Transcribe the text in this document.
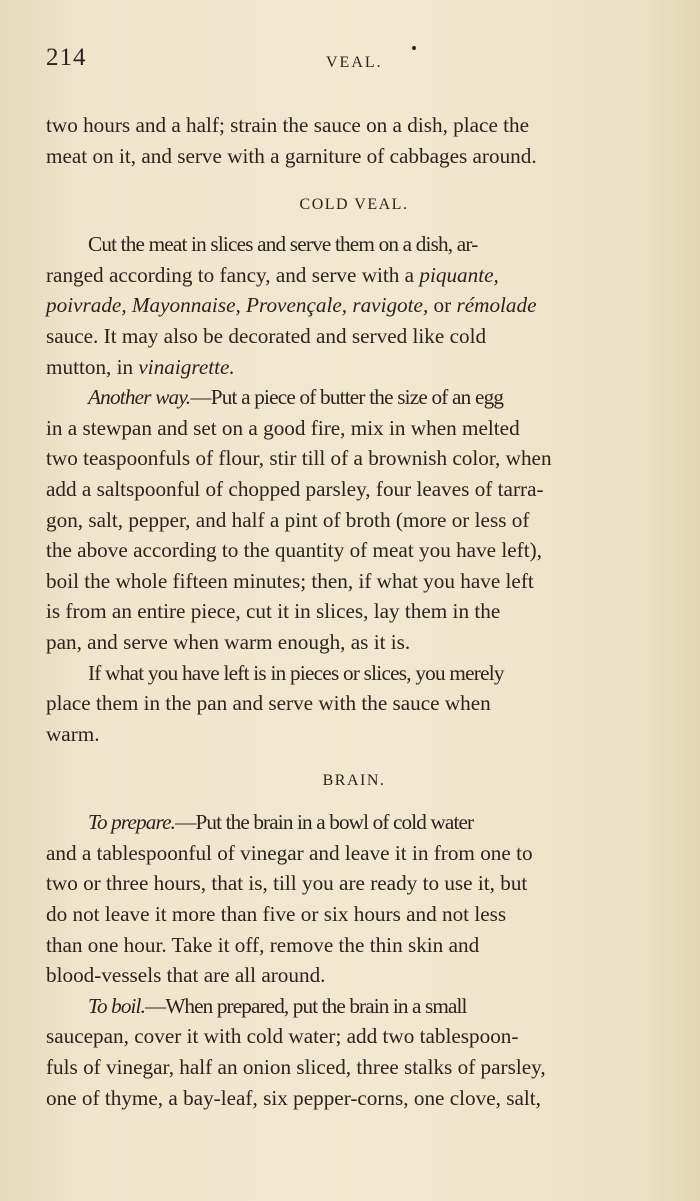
214	VEAL.

two hours and a half; strain the sauce on a dish, place the
meat on it, and serve with a garniture of cabbages around.

COLD VEAL.

Cut the meat in slices and serve them on a dish, ar-
ranged according to fancy, and serve with a piquante,
poivrade, Mayonnaise, Provençale, ravigote, or rémolade
sauce. It may also be decorated and served like cold
mutton, in vinaigrette.

Another way.—Put a piece of butter the size of an egg
in a stewpan and set on a good fire, mix in when melted
two teaspoonfuls of flour, stir till of a brownish color, when
add a saltspoonful of chopped parsley, four leaves of tarra-
gon, salt, pepper, and half a pint of broth (more or less of
the above according to the quantity of meat you have left),
boil the whole fifteen minutes; then, if what you have left
is from an entire piece, cut it in slices, lay them in the
pan, and serve when warm enough, as it is.

If what you have left is in pieces or slices, you merely
place them in the pan and serve with the sauce when
warm.

BRAIN.

To prepare.—Put the brain in a bowl of cold water
and a tablespoonful of vinegar and leave it in from one to
two or three hours, that is, till you are ready to use it, but
do not leave it more than five or six hours and not less
than one hour. Take it off, remove the thin skin and
blood-vessels that are all around.

To boil.—When prepared, put the brain in a small
saucepan, cover it with cold water; add two tablespoon-
fuls of vinegar, half an onion sliced, three stalks of parsley,
one of thyme, a bay-leaf, six pepper-corns, one clove, salt,
